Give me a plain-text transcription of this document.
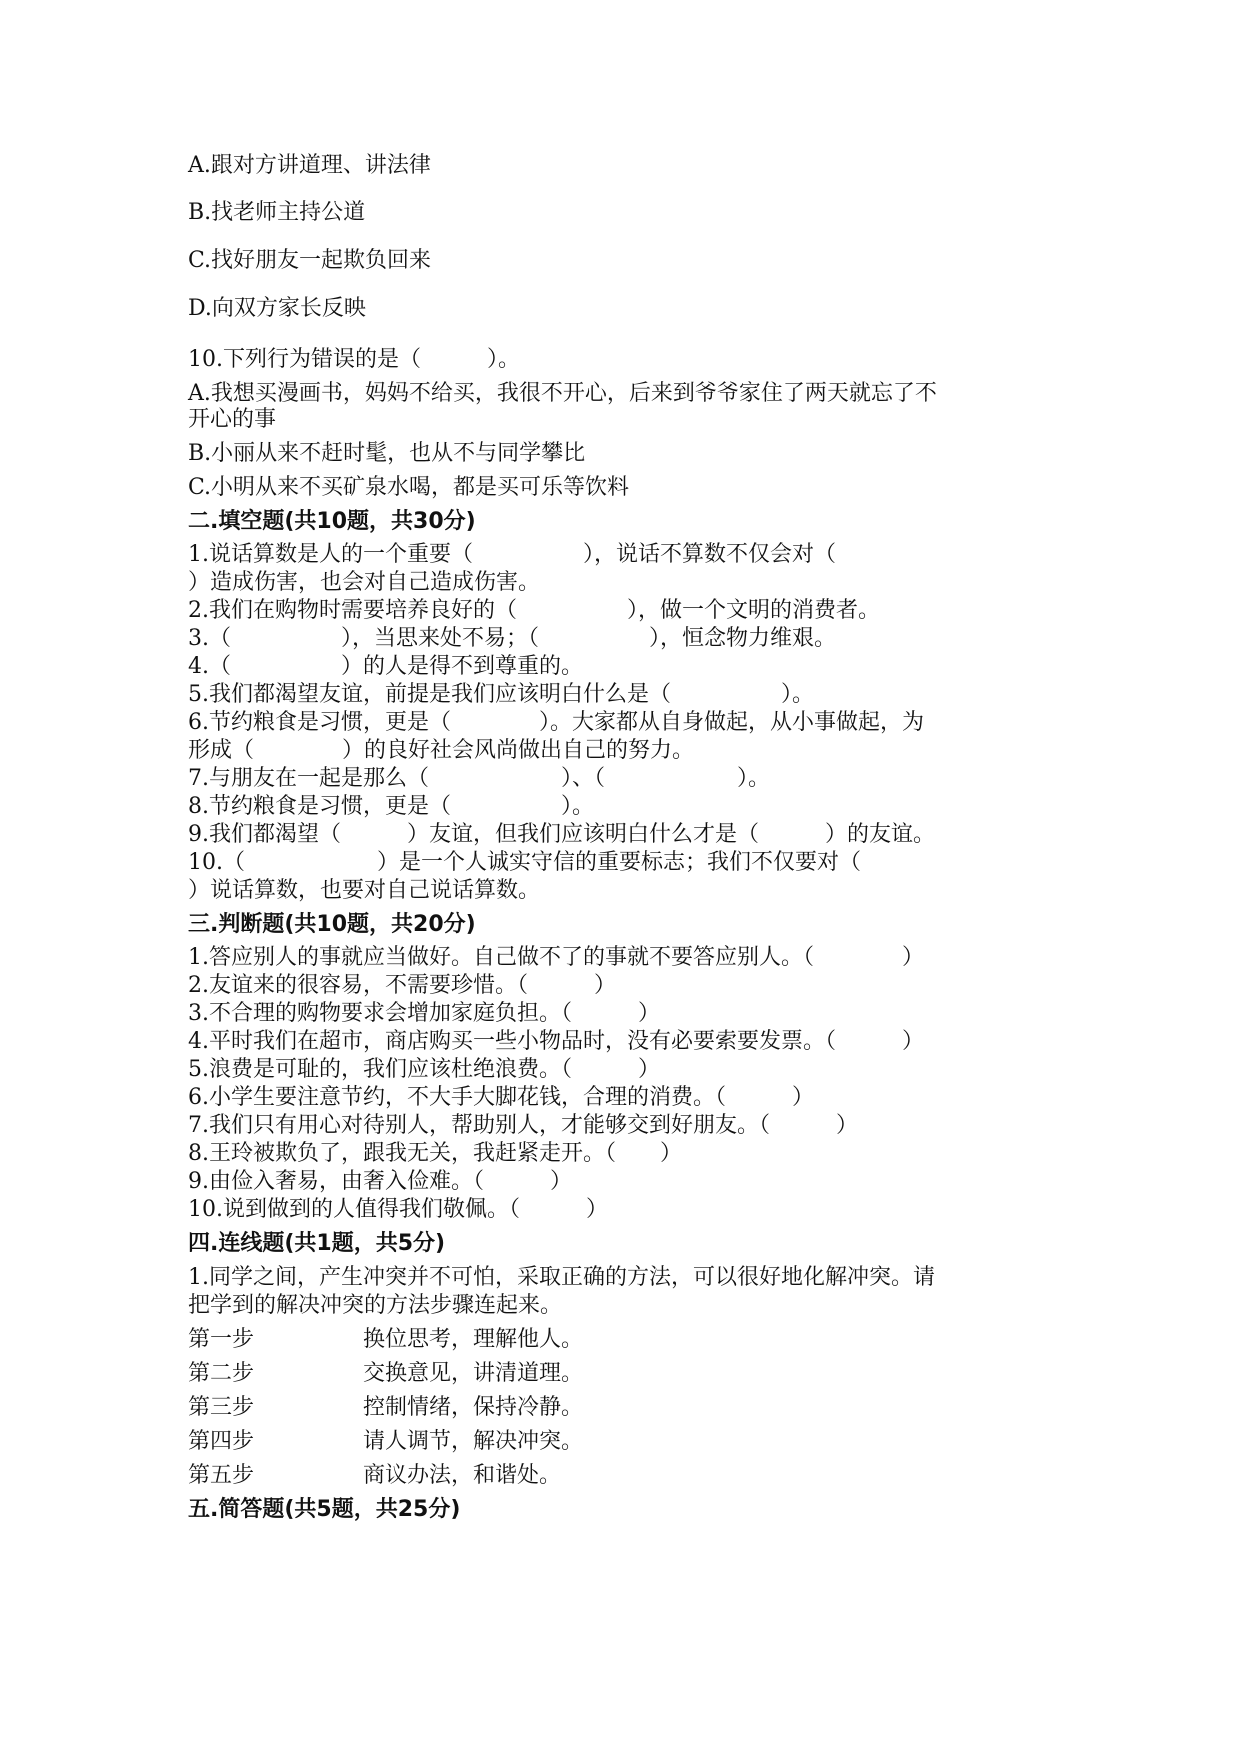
A.跟对方讲道理、讲法律
B.找老师主持公道
C.找好朋友一起欺负回来
D.向双方家长反映
10.下列行为错误的是（　　　）。
A.我想买漫画书，妈妈不给买，我很不开心，后来到爷爷家住了两天就忘了不
开心的事
B.小丽从来不赶时髦，也从不与同学攀比
C.小明从来不买矿泉水喝，都是买可乐等饮料
二.填空题(共10题，共30分)
1.说话算数是人的一个重要（　　　　　），说话不算数不仅会对（
）造成伤害，也会对自己造成伤害。
2.我们在购物时需要培养良好的（　　　　　），做一个文明的消费者。
3.（　　　　　），当思来处不易；（　　　　　），恒念物力维艰。
4.（　　　　　）的人是得不到尊重的。
5.我们都渴望友谊，前提是我们应该明白什么是（　　　　　）。
6.节约粮食是习惯，更是（　　　　）。大家都从自身做起，从小事做起，为
形成（　　　　）的良好社会风尚做出自己的努力。
7.与朋友在一起是那么（　　　　　　）、（　　　　　　）。
8.节约粮食是习惯，更是（　　　　　）。
9.我们都渴望（　　　）友谊，但我们应该明白什么才是（　　　）的友谊。
10.（　　　　　　）是一个人诚实守信的重要标志；我们不仅要对（
）说话算数，也要对自己说话算数。
三.判断题(共10题，共20分)
1.答应别人的事就应当做好。自己做不了的事就不要答应别人。（　　　　）
2.友谊来的很容易，不需要珍惜。（　　　）
3.不合理的购物要求会增加家庭负担。（　　　）
4.平时我们在超市，商店购买一些小物品时，没有必要索要发票。（　　　）
5.浪费是可耻的，我们应该杜绝浪费。（　　　）
6.小学生要注意节约，不大手大脚花钱，合理的消费。（　　　）
7.我们只有用心对待别人，帮助别人，才能够交到好朋友。（　　　）
8.王玲被欺负了，跟我无关，我赶紧走开。（　　）
9.由俭入奢易，由奢入俭难。（　　　）
10.说到做到的人值得我们敬佩。（　　　）
四.连线题(共1题，共5分)
1.同学之间，产生冲突并不可怕，采取正确的方法，可以很好地化解冲突。请
把学到的解决冲突的方法步骤连起来。
第一步	换位思考，理解他人。
第二步	交换意见，讲清道理。
第三步	控制情绪，保持冷静。
第四步	请人调节，解决冲突。
第五步	商议办法，和谐处。
五.简答题(共5题，共25分)
